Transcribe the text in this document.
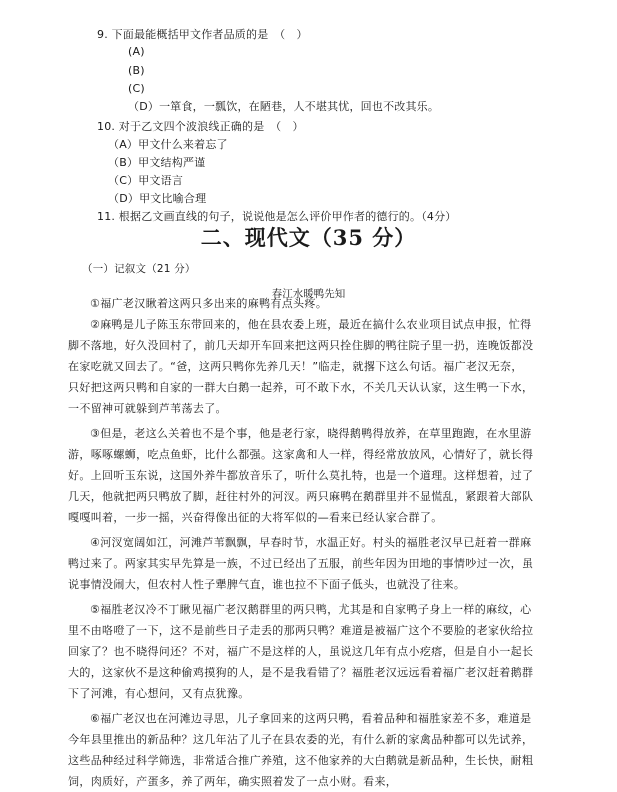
9. 下面最能概括甲文作者品质的是　（　）
(A)
(B)
(C)
（D）一箪食，一瓢饮，在陋巷，人不堪其忧，回也不改其乐。
10. 对于乙文四个波浪线正确的是　（　）
（A）甲文什么来着忘了
（B）甲文结构严谨
（C）甲文语言
（D）甲文比喻合理
11. 根据乙文画直线的句子，说说他是怎么评价甲作者的德行的。（4分）
二、现代文（35 分）
（一）记叙文（21 分）
春江水暖鸭先知
①福广老汉瞅着这两只多出来的麻鸭有点头疼。
②麻鸭是儿子陈玉东带回来的，他在县农委上班，最近在搞什么农业项目试点申报，忙得
脚不落地，好久没回村了，前几天却开车回来把这两只拴住脚的鸭往院子里一扔，连晚饭都没
在家吃就又回去了。“爸，这两只鸭你先养几天！”临走，就撂下这么句话。福广老汉无奈，
只好把这两只鸭和自家的一群大白鹅一起养，可不敢下水，不关几天认认家，这生鸭一下水，
一不留神可就躲到芦苇荡去了。
③但是，老这么关着也不是个事，他是老行家，晓得鹅鸭得放养，在草里跑跑，在水里游
游，啄啄螺蛳，吃点鱼虾，比什么都强。这家禽和人一样，得经常放放风，心情好了，就长得
好。上回听玉东说，这国外养牛都放音乐了，听什么莫扎特，也是一个道理。这样想着，过了
几天，他就把两只鸭放了脚，赶往村外的河汊。两只麻鸭在鹅群里并不显慌乱，紧跟着大部队
嘎嘎叫着，一步一摇，兴奋得像出征的大将军似的—看来已经认家合群了。
④河汊宽阔如江，河滩芦苇飘飘，早春时节，水温正好。村头的福胜老汉早已赶着一群麻
鸭过来了。两家其实早先算是一族，不过已经出了五服，前些年因为田地的事情吵过一次，虽
说事情没闹大，但农村人性子犟脾气直，谁也拉不下面子低头，也就没了往来。
⑤福胜老汉冷不丁瞅见福广老汉鹅群里的两只鸭，尤其是和自家鸭子身上一样的麻纹，心
里不由咯噔了一下，这不是前些日子走丢的那两只鸭？难道是被福广这个不要脸的老家伙给拉
回家了？也不晓得问还？不对，福广不是这样的人，虽说这几年有点小疙瘩，但是自小一起长
大的，这家伙不是这种偷鸡摸狗的人，是不是我看错了？福胜老汉远远看着福广老汉赶着鹅群
下了河滩，有心想问，又有点犹豫。
⑥福广老汉也在河滩边寻思，儿子拿回来的这两只鸭，看着品种和福胜家差不多，难道是
今年县里推出的新品种？这几年沾了儿子在县农委的光，有什么新的家禽品种都可以先试养，
这些品种经过科学筛选，非常适合推广养殖，这不他家养的大白鹅就是新品种，生长快，耐粗
饲，肉质好，产蛋多，养了两年，确实照着发了一点小财。看来，
